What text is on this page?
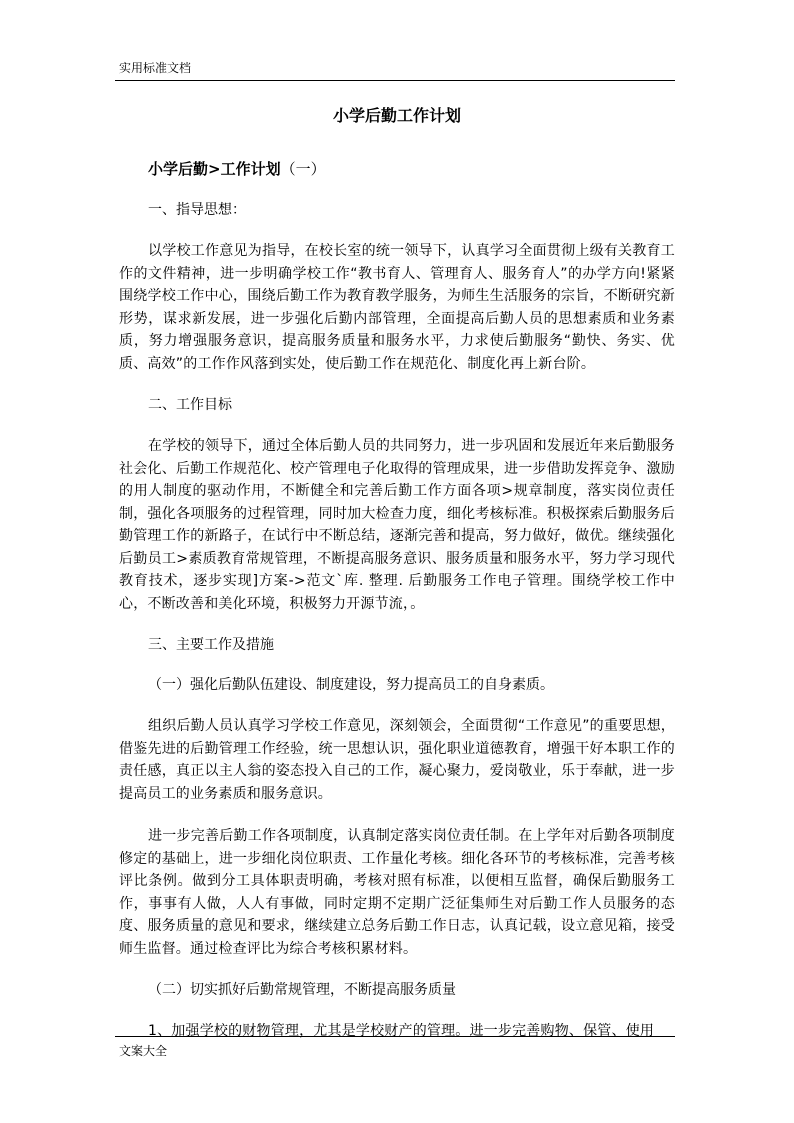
实用标准文档
小学后勤工作计划
小学后勤>工作计划（一）
一、指导思想：
以学校工作意见为指导，在校长室的统一领导下，认真学习全面贯彻上级有关教育工作的文件精神，进一步明确学校工作“教书育人、管理育人、服务育人”的办学方向!紧紧围绕学校工作中心，围绕后勤工作为教育教学服务，为师生生活服务的宗旨，不断研究新形势，谋求新发展，进一步强化后勤内部管理，全面提高后勤人员的思想素质和业务素质，努力增强服务意识，提高服务质量和服务水平，力求使后勤服务“勤快、务实、优质、高效”的工作作风落到实处，使后勤工作在规范化、制度化再上新台阶。
二、工作目标
在学校的领导下，通过全体后勤人员的共同努力，进一步巩固和发展近年来后勤服务社会化、后勤工作规范化、校产管理电子化取得的管理成果，进一步借助发挥竞争、激励的用人制度的驱动作用，不断健全和完善后勤工作方面各项>规章制度，落实岗位责任制，强化各项服务的过程管理，同时加大检查力度，细化考核标准。积极探索后勤服务后勤管理工作的新路子，在试行中不断总结，逐渐完善和提高，努力做好，做优。继续强化后勤员工>素质教育常规管理，不断提高服务意识、服务质量和服务水平，努力学习现代教育技术，逐步实现]方案->范文`库. 整理. 后勤服务工作电子管理。围绕学校工作中心，不断改善和美化环境，积极努力开源节流，。
三、主要工作及措施
（一）强化后勤队伍建设、制度建设，努力提高员工的自身素质。
组织后勤人员认真学习学校工作意见，深刻领会，全面贯彻“工作意见”的重要思想，借鉴先进的后勤管理工作经验，统一思想认识，强化职业道德教育，增强干好本职工作的责任感，真正以主人翁的姿态投入自己的工作，凝心聚力，爱岗敬业，乐于奉献，进一步提高员工的业务素质和服务意识。
进一步完善后勤工作各项制度，认真制定落实岗位责任制。在上学年对后勤各项制度修定的基础上，进一步细化岗位职责、工作量化考核。细化各环节的考核标准，完善考核评比条例。做到分工具体职责明确，考核对照有标准，以便相互监督，确保后勤服务工作，事事有人做，人人有事做，同时定期不定期广泛征集师生对后勤工作人员服务的态度、服务质量的意见和要求，继续建立总务后勤工作日志，认真记载，设立意见箱，接受师生监督。通过检查评比为综合考核积累材料。
（二）切实抓好后勤常规管理，不断提高服务质量
1、加强学校的财物管理，尤其是学校财产的管理。进一步完善购物、保管、使用
文案大全
